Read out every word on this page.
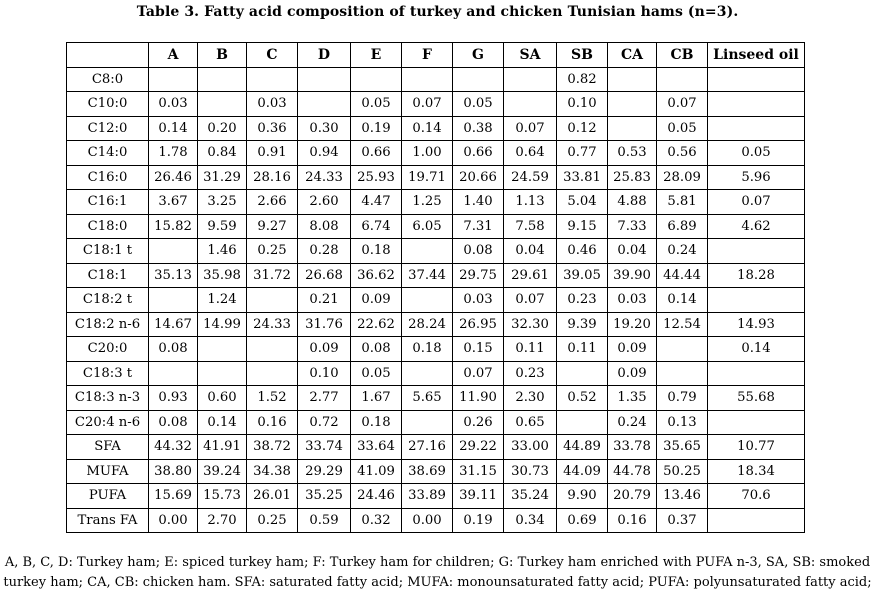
Table 3. Fatty acid composition of turkey and chicken Tunisian hams (n=3).
	A	B	C	D	E	F	G	SA	SB	CA	CB	Linseed oil
C8:0									0.82			
C10:0	0.03		0.03		0.05	0.07	0.05		0.10		0.07	
C12:0	0.14	0.20	0.36	0.30	0.19	0.14	0.38	0.07	0.12		0.05	
C14:0	1.78	0.84	0.91	0.94	0.66	1.00	0.66	0.64	0.77	0.53	0.56	0.05
C16:0	26.46	31.29	28.16	24.33	25.93	19.71	20.66	24.59	33.81	25.83	28.09	5.96
C16:1	3.67	3.25	2.66	2.60	4.47	1.25	1.40	1.13	5.04	4.88	5.81	0.07
C18:0	15.82	9.59	9.27	8.08	6.74	6.05	7.31	7.58	9.15	7.33	6.89	4.62
C18:1 t		1.46	0.25	0.28	0.18		0.08	0.04	0.46	0.04	0.24	
C18:1	35.13	35.98	31.72	26.68	36.62	37.44	29.75	29.61	39.05	39.90	44.44	18.28
C18:2 t		1.24		0.21	0.09		0.03	0.07	0.23	0.03	0.14	
C18:2 n-6	14.67	14.99	24.33	31.76	22.62	28.24	26.95	32.30	9.39	19.20	12.54	14.93
C20:0	0.08			0.09	0.08	0.18	0.15	0.11	0.11	0.09		0.14
C18:3 t				0.10	0.05		0.07	0.23		0.09		
C18:3 n-3	0.93	0.60	1.52	2.77	1.67	5.65	11.90	2.30	0.52	1.35	0.79	55.68
C20:4 n-6	0.08	0.14	0.16	0.72	0.18		0.26	0.65		0.24	0.13	
SFA	44.32	41.91	38.72	33.74	33.64	27.16	29.22	33.00	44.89	33.78	35.65	10.77
MUFA	38.80	39.24	34.38	29.29	41.09	38.69	31.15	30.73	44.09	44.78	50.25	18.34
PUFA	15.69	15.73	26.01	35.25	24.46	33.89	39.11	35.24	9.90	20.79	13.46	70.6
Trans FA	0.00	2.70	0.25	0.59	0.32	0.00	0.19	0.34	0.69	0.16	0.37	
A, B, C, D: Turkey ham; E: spiced turkey ham; F: Turkey ham for children; G: Turkey ham enriched with PUFA n-3, SA, SB: smoked
turkey ham; CA, CB: chicken ham. SFA: saturated fatty acid; MUFA: monounsaturated fatty acid; PUFA: polyunsaturated fatty acid;
